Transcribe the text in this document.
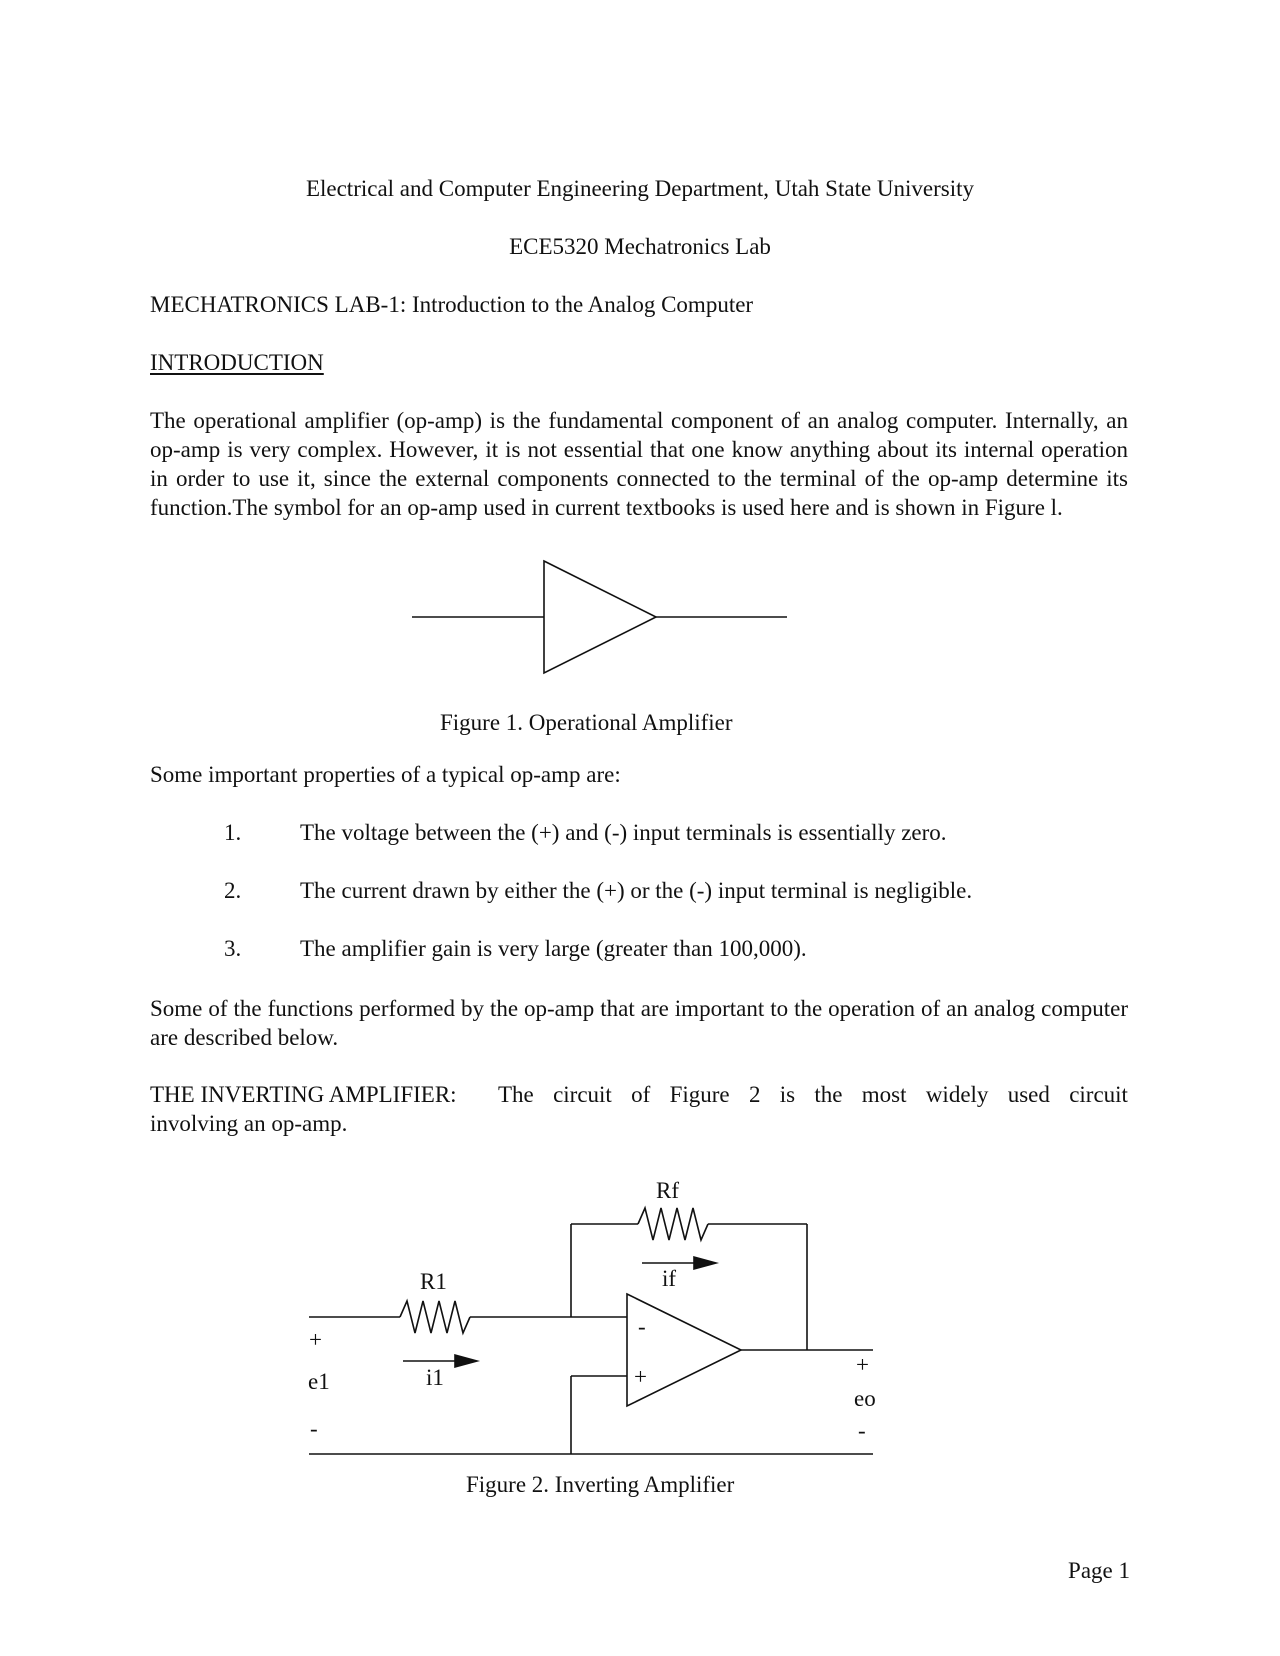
Electrical and Computer Engineering Department, Utah State University
ECE5320 Mechatronics Lab
MECHATRONICS LAB-1: Introduction to the Analog Computer
INTRODUCTION
The operational amplifier (op-amp) is the fundamental component of an analog computer. Internally, an op-amp is very complex. However, it is not essential that one know anything about its internal operation in order to use it, since the external components connected to the terminal of the op-amp determine its function.The symbol for an op-amp used in current textbooks is used here and is shown in Figure l.
Figure 1. Operational Amplifier
Some important properties of a typical op-amp are:
1.	The voltage between the (+) and (-) input terminals is essentially zero.
2.	The current drawn by either the (+) or the (-) input terminal is negligible.
3.	The amplifier gain is very large (greater than 100,000).
Some of the functions performed by the op-amp that are important to the operation of an analog computer are described below.
THE INVERTING AMPLIFIER: The circuit of Figure 2 is the most widely used circuit
involving an op-amp.
Rf
if
R1
i1
+
e1
-
-
+	+
eo
-
Figure 2. Inverting Amplifier
Page 1
